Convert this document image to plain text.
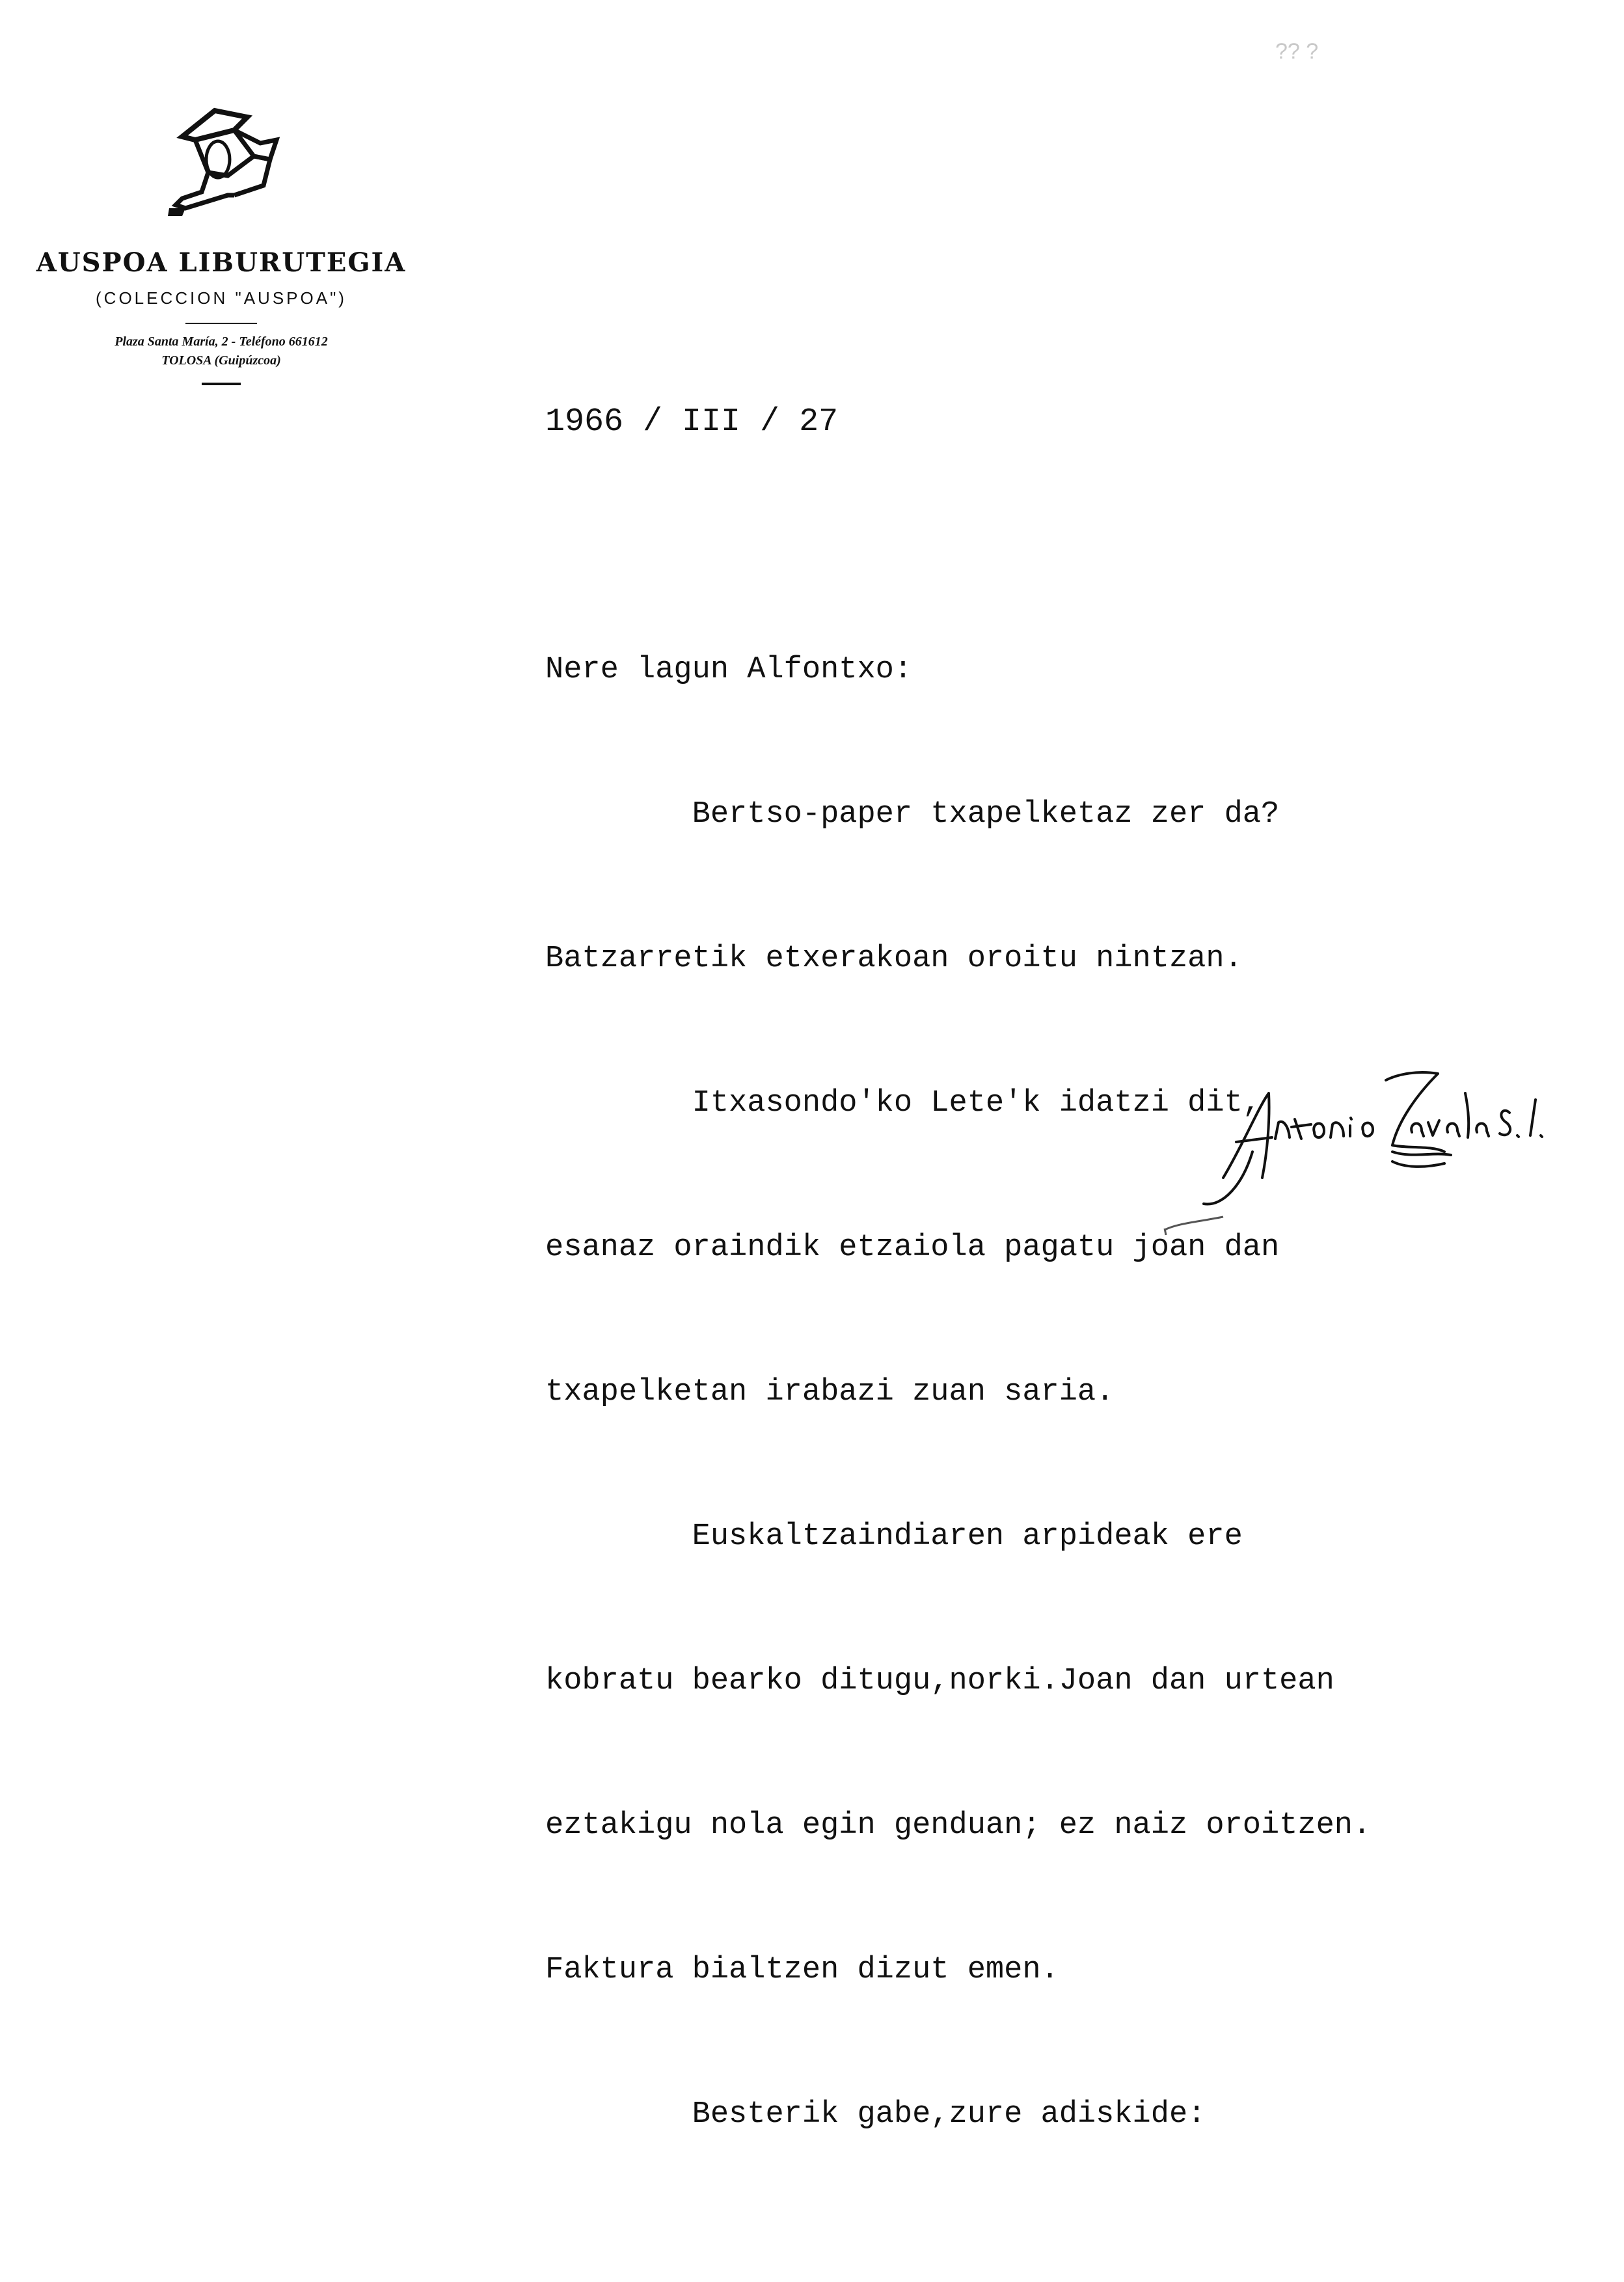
?? ?
AUSPOA LIBURUTEGIA
(COLECCION "AUSPOA")
Plaza Santa María, 2 - Teléfono 661612
TOLOSA (Guipúzcoa)
1966 / III / 27

Nere lagun Alfontxo:

Bertso-paper txapelketaz zer da?

Batzarretik etxerakoan oroitu nintzan.

Itxasondo'ko Lete'k idatzi dit,

esanaz oraindik etzaiola pagatu joan dan

txapelketan irabazi zuan saria.

Euskaltzaindiaren arpideak ere

kobratu bearko ditugu,norki.Joan dan urtean

eztakigu nola egin genduan; ez naiz oroitzen.

Faktura bialtzen dizut emen.

Besterik gabe,zure adiskide:
